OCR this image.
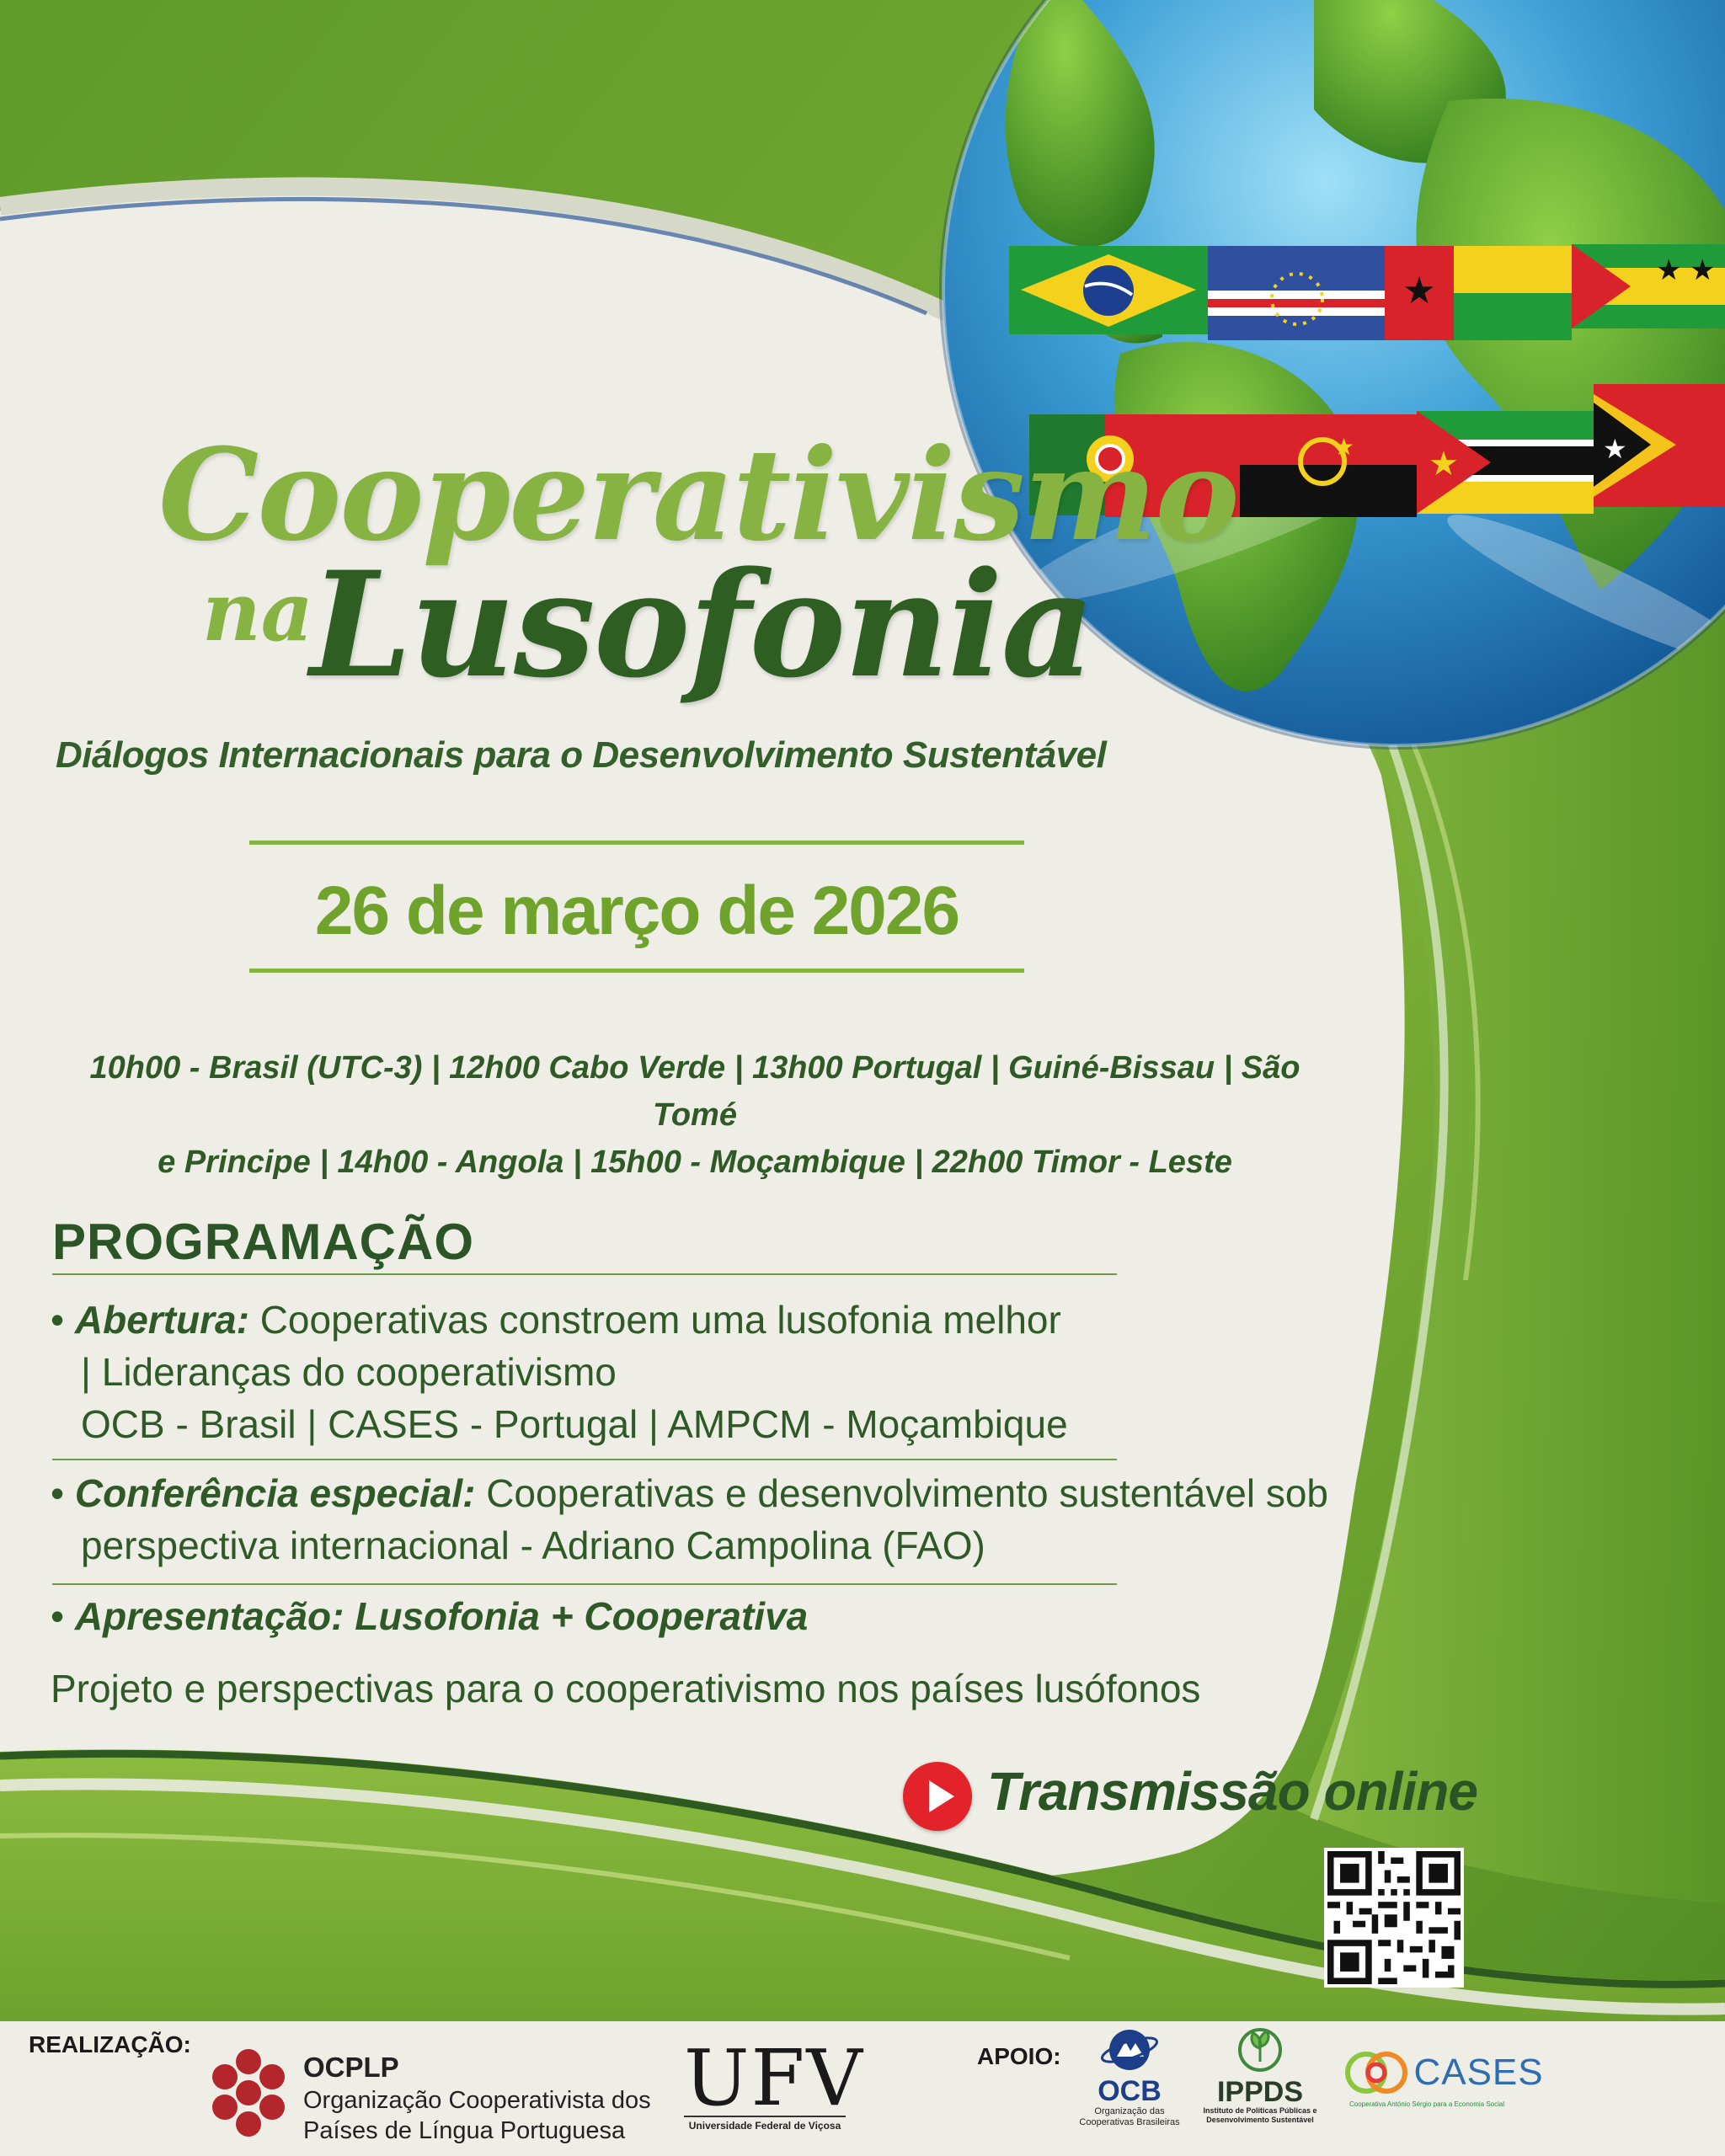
★	★ ★
★ ★	★
Cooperativismo
na
Lusofonia
Diálogos Internacionais para o Desenvolvimento Sustentável
26 de março de 2026
10h00 - Brasil (UTC-3) | 12h00 Cabo Verde | 13h00 Portugal | Guiné-Bissau | São Tomé
e Principe | 14h00 - Angola | 15h00 - Moçambique | 22h00 Timor - Leste
PROGRAMAÇÃO
• Abertura: Cooperativas constroem uma lusofonia melhor
| Lideranças do cooperativismo
OCB - Brasil | CASES - Portugal | AMPCM - Moçambique
• Conferência especial: Cooperativas e desenvolvimento sustentável sob
perspectiva internacional - Adriano Campolina (FAO)
• Apresentação: Lusofonia + Cooperativa
Projeto e perspectivas para o cooperativismo nos países lusófonos
Transmissão online
REALIZAÇÃO:
OCPLP
Organização Cooperativista dos
Países de Língua Portuguesa
UFV
Universidade Federal de Viçosa
APOIO:
OCB
Organização das
Cooperativas Brasileiras
IPPDS
Instituto de Políticas Públicas e
Desenvolvimento Sustentável
CASES
Cooperativa António Sérgio para a Economia Social
